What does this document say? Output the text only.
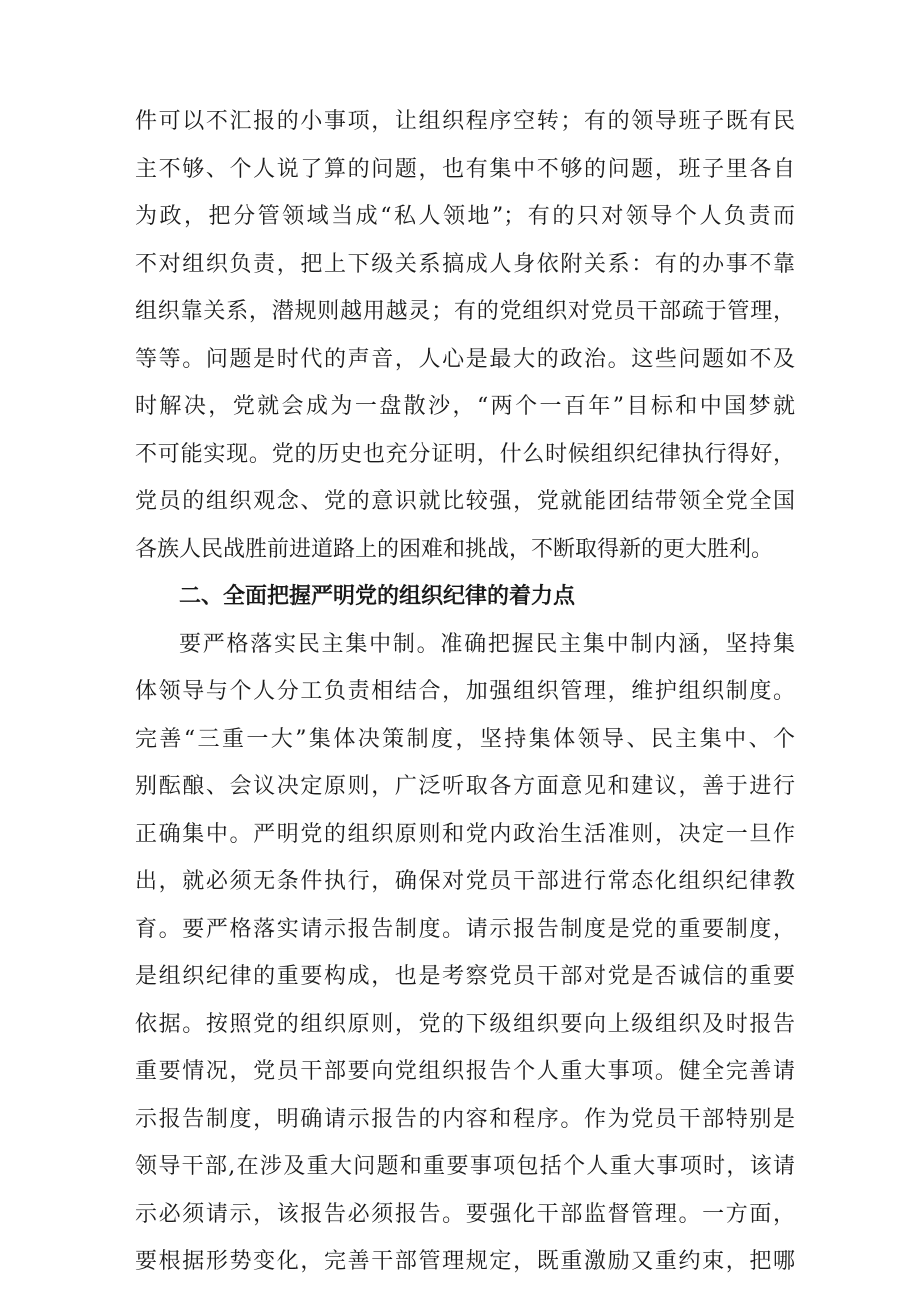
件可以不汇报的小事项，让组织程序空转；有的领导班子既有民
主不够、个人说了算的问题，也有集中不够的问题，班子里各自
为政，把分管领域当成“私人领地”；有的只对领导个人负责而
不对组织负责，把上下级关系搞成人身依附关系：有的办事不靠
组织靠关系，潜规则越用越灵；有的党组织对党员干部疏于管理，
等等。问题是时代的声音，人心是最大的政治。这些问题如不及
时解决，党就会成为一盘散沙，“两个一百年”目标和中国梦就
不可能实现。党的历史也充分证明，什么时候组织纪律执行得好，
党员的组织观念、党的意识就比较强，党就能团结带领全党全国
各族人民战胜前进道路上的困难和挑战，不断取得新的更大胜利。
二、全面把握严明党的组织纪律的着力点
要严格落实民主集中制。准确把握民主集中制内涵，坚持集
体领导与个人分工负责相结合，加强组织管理，维护组织制度。
完善“三重一大”集体决策制度，坚持集体领导、民主集中、个
别酝酿、会议决定原则，广泛听取各方面意见和建议，善于进行
正确集中。严明党的组织原则和党内政治生活准则，决定一旦作
出，就必须无条件执行，确保对党员干部进行常态化组织纪律教
育。要严格落实请示报告制度。请示报告制度是党的重要制度，
是组织纪律的重要构成，也是考察党员干部对党是否诚信的重要
依据。按照党的组织原则，党的下级组织要向上级组织及时报告
重要情况，党员干部要向党组织报告个人重大事项。健全完善请
示报告制度，明确请示报告的内容和程序。作为党员干部特别是
领导干部,在涉及重大问题和重要事项包括个人重大事项时，该请
示必须请示，该报告必须报告。要强化干部监督管理。一方面，
要根据形势变化，完善干部管理规定，既重激励又重约束，把哪
